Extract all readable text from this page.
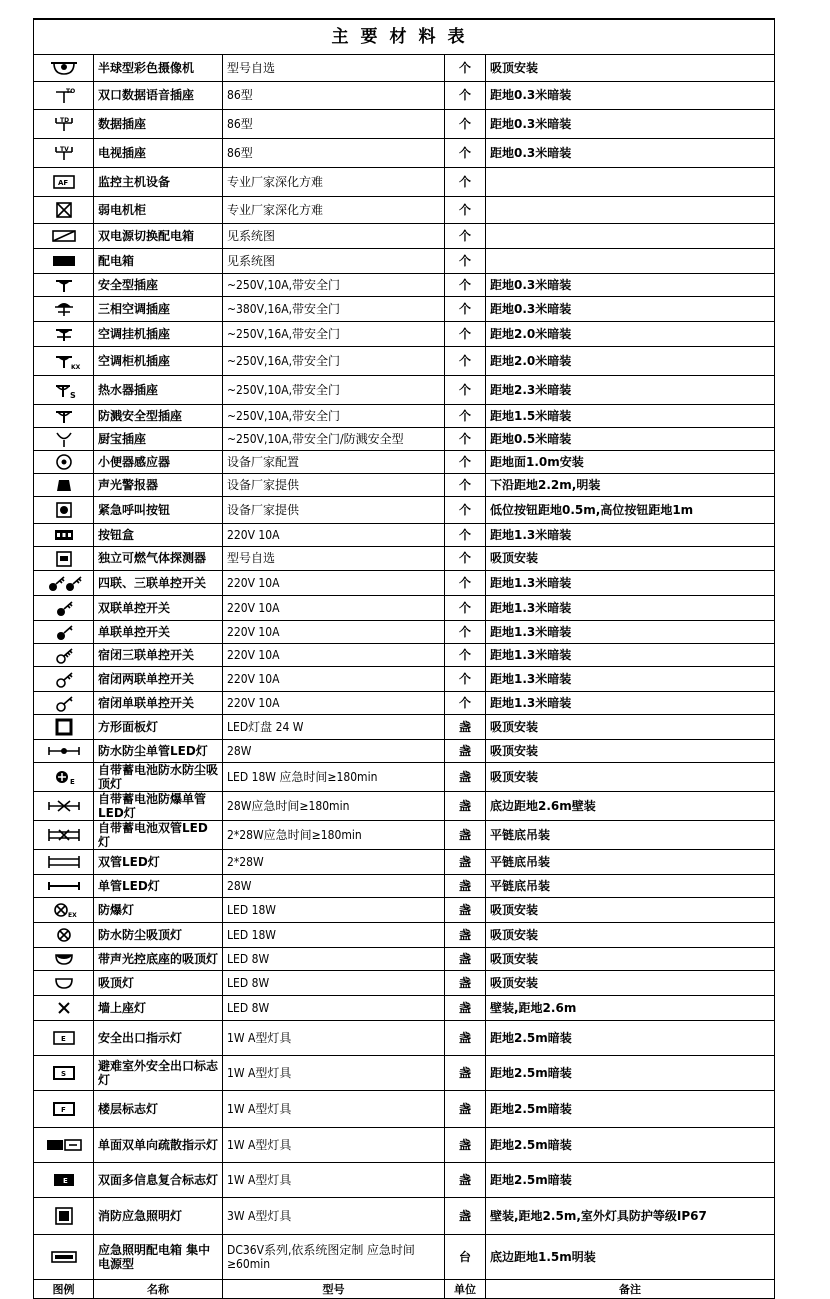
主要材料表				

	半球型彩色摄像机	型号自选	个	吸顶安装

TO	双口数据语音插座	86型	个	距地0.3米暗装

TD	数据插座	86型	个	距地0.3米暗装

TV	电视插座	86型	个	距地0.3米暗装

AF	监控主机设备	专业厂家深化方难	个	

	弱电机柜	专业厂家深化方难	个	

	双电源切换配电箱	见系统图	个	

	配电箱	见系统图	个	

	安全型插座	~250V,10A,带安全门	个	距地0.3米暗装

	三相空调插座	~380V,16A,带安全门	个	距地0.3米暗装

	空调挂机插座	~250V,16A,带安全门	个	距地2.0米暗装

KX	空调柜机插座	~250V,16A,带安全门	个	距地2.0米暗装

S	热水器插座	~250V,10A,带安全门	个	距地2.3米暗装

	防溅安全型插座	~250V,10A,带安全门	个	距地1.5米暗装

	厨宝插座	~250V,10A,带安全门/防溅安全型	个	距地0.5米暗装

	小便器感应器	设备厂家配置	个	距地面1.0m安装

	声光警报器	设备厂家提供	个	下沿距地2.2m,明装

	紧急呼叫按钮	设备厂家提供	个	低位按钮距地0.5m,高位按钮距地1m

	按钮盒	220V 10A	个	距地1.3米暗装

	独立可燃气体探测器	型号自选	个	吸顶安装

	四联、三联单控开关	220V 10A	个	距地1.3米暗装

	双联单控开关	220V 10A	个	距地1.3米暗装

	单联单控开关	220V 10A	个	距地1.3米暗装

	宿闭三联单控开关	220V 10A	个	距地1.3米暗装

	宿闭两联单控开关	220V 10A	个	距地1.3米暗装

	宿闭单联单控开关	220V 10A	个	距地1.3米暗装

	方形面板灯	LED灯盘 24 W	盏	吸顶安装

	防水防尘单管LED灯	28W	盏	吸顶安装

E	自带蓄电池防水防尘吸顶灯	LED 18W 应急时间≥180min	盏	吸顶安装

	自带蓄电池防爆单管LED灯	28W应急时间≥180min	盏	底边距地2.6m壁装

	自带蓄电池双管LED灯	2*28W应急时间≥180min	盏	平链底吊装

	双管LED灯	2*28W	盏	平链底吊装

	单管LED灯	28W	盏	平链底吊装

EX	防爆灯	LED 18W	盏	吸顶安装

	防水防尘吸顶灯	LED 18W	盏	吸顶安装

	带声光控底座的吸顶灯	LED 8W	盏	吸顶安装

	吸顶灯	LED 8W	盏	吸顶安装

	墙上座灯	LED 8W	盏	壁装,距地2.6m

E	安全出口指示灯	1W A型灯具	盏	距地2.5m暗装

S	避难室外安全出口标志灯	1W A型灯具	盏	距地2.5m暗装

F	楼层标志灯	1W A型灯具	盏	距地2.5m暗装

	单面双单向疏散指示灯	1W A型灯具	盏	距地2.5m暗装

E	双面多信息复合标志灯	1W A型灯具	盏	距地2.5m暗装

	消防应急照明灯	3W A型灯具	盏	壁装,距地2.5m,室外灯具防护等级IP67

	应急照明配电箱 集中电源型	DC36V系列,依系统图定制 应急时间≥60min	台	底边距地1.5m明装
图例	名称	型号	单位	备注
